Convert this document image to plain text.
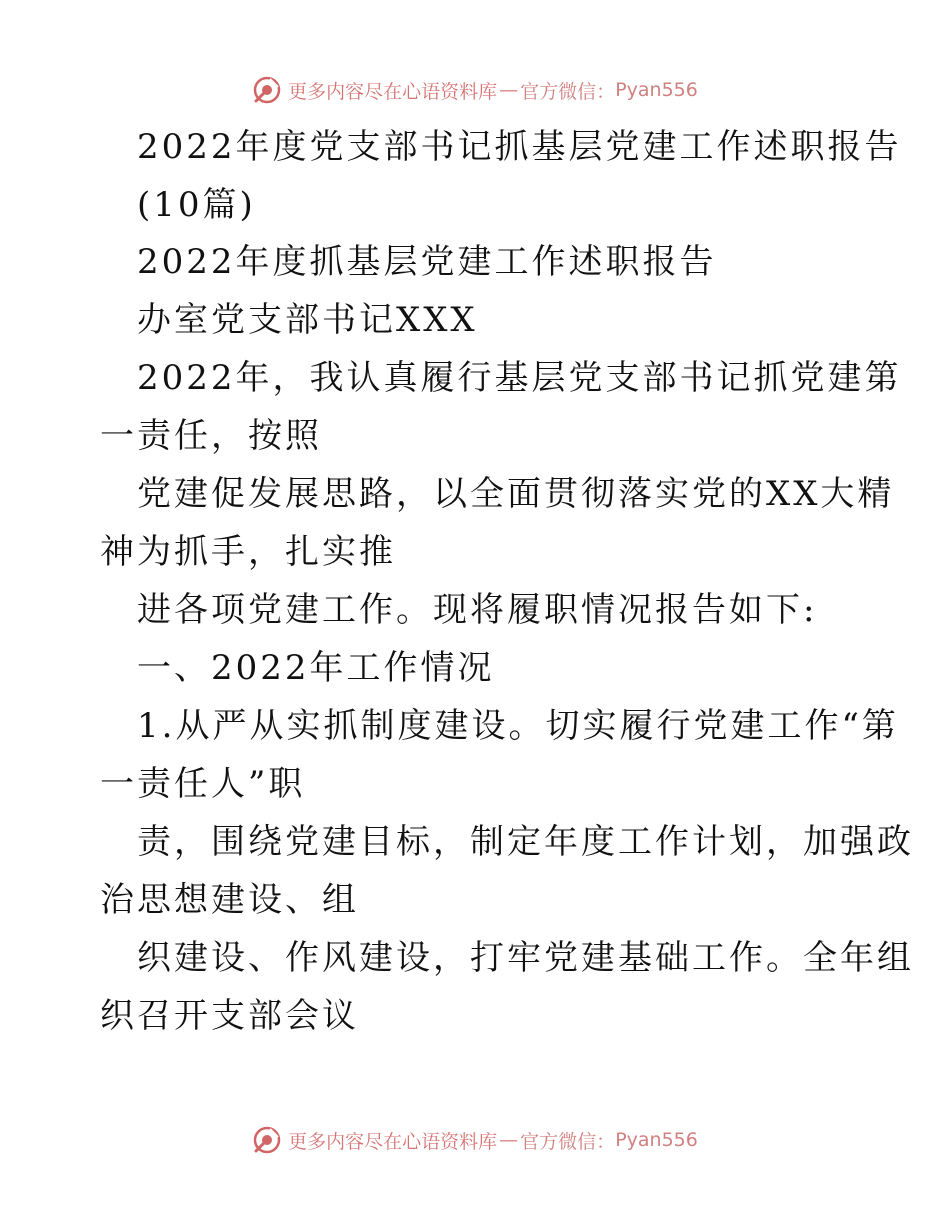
更多内容尽在心语资料库 — 官方微信： Pyan556
2022年度党支部书记抓基层党建工作述职报告
(10篇)
2022年度抓基层党建工作述职报告
办室党支部书记XXX
2022年，我认真履行基层党支部书记抓党建第
一责任，按照
党建促发展思路，以全面贯彻落实党的XX大精
神为抓手，扎实推
进各项党建工作。现将履职情况报告如下:
一、2022年工作情况
1.从严从实抓制度建设。切实履行党建工作“第
一责任人”职
责，围绕党建目标，制定年度工作计划，加强政
治思想建设、组
织建设、作风建设，打牢党建基础工作。全年组
织召开支部会议
更多内容尽在心语资料库 — 官方微信： Pyan556
